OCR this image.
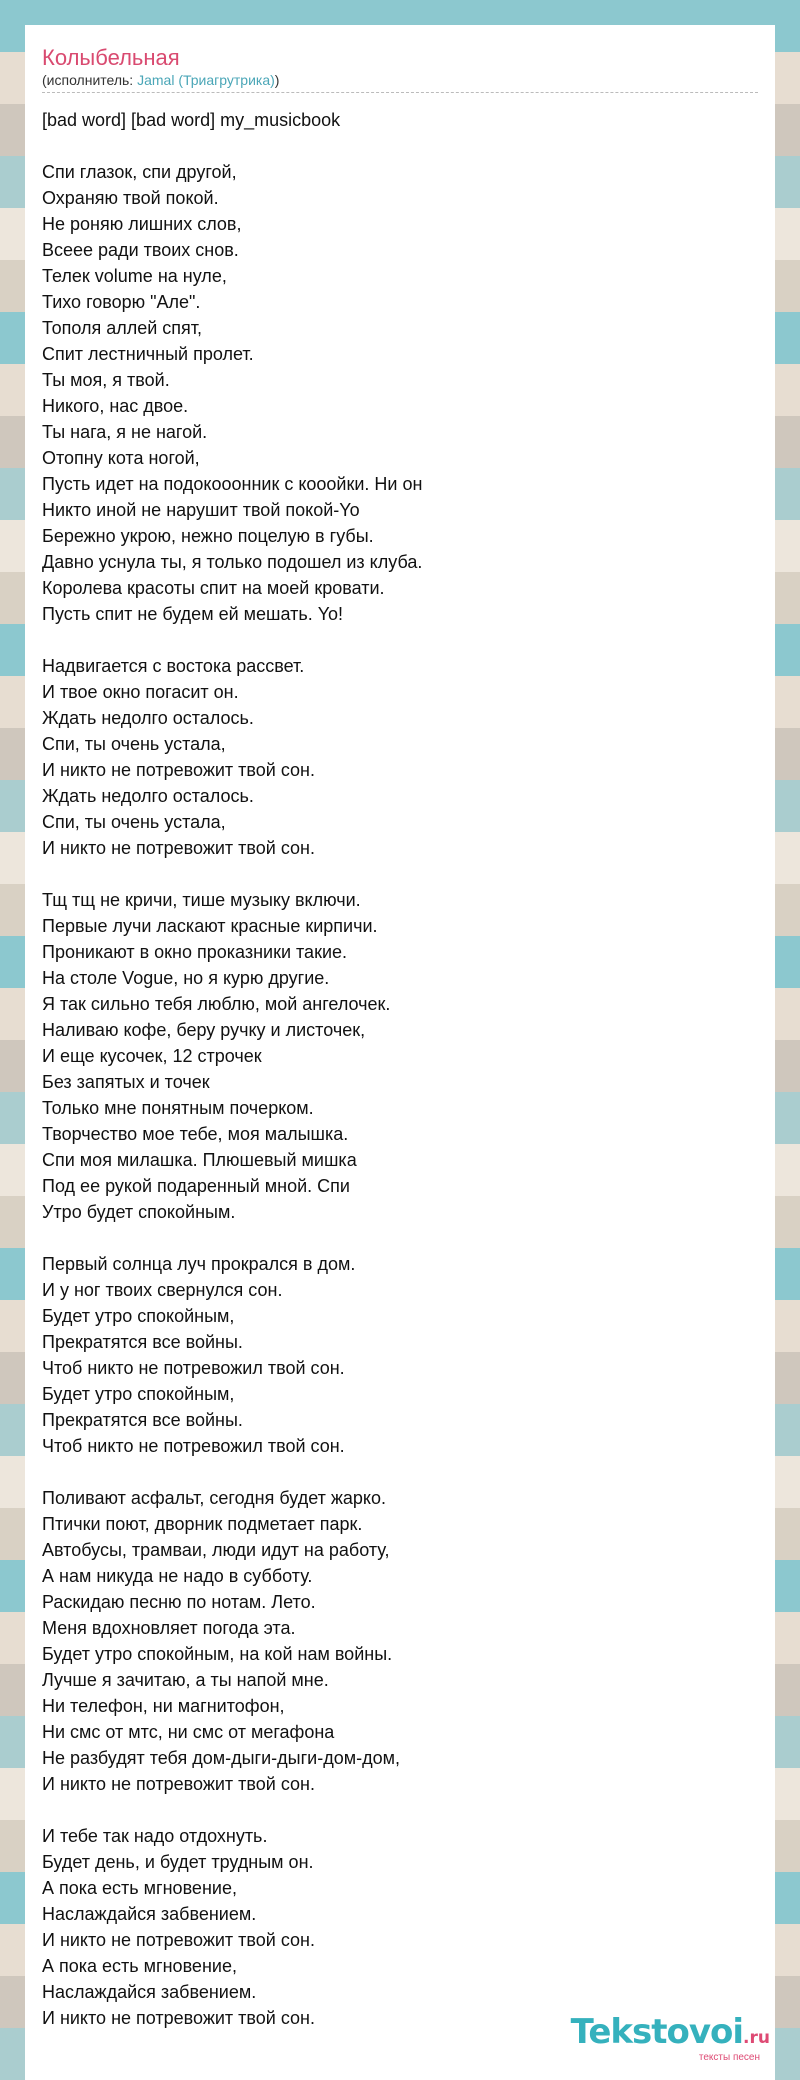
Колыбельная
(исполнитель: Jamal (Триагрутрика))
[bad word] [bad word] my_musicbook
Спи глазок, спи другой,
Охраняю твой покой.
Не роняю лишних слов,
Всеее ради твоих снов.
Телек volume на нуле,
Тихо говорю "Але".
Тополя аллей спят,
Спит лестничный пролет.
Ты моя, я твой.
Никого, нас двое.
Ты нага, я не нагой.
Отопну кота ногой,
Пусть идет на подокооонник с кооойки. Ни он
Никто иной не нарушит твой покой-Yo
Бережно укрою, нежно поцелую в губы.
Давно уснула ты, я только подошел из клуба.
Королева красоты спит на моей кровати.
Пусть спит не будем ей мешать. Yo!
Надвигается с востока рассвет.
И твое окно погасит он.
Ждать недолго осталось.
Спи, ты очень устала,
И никто не потревожит твой сон.
Ждать недолго осталось.
Спи, ты очень устала,
И никто не потревожит твой сон.
Тщ тщ не кричи, тише музыку включи.
Первые лучи ласкают красные кирпичи.
Проникают в окно проказники такие.
На столе Vogue, но я курю другие.
Я так сильно тебя люблю, мой ангелочек.
Наливаю кофе, беру ручку и листочек,
И еще кусочек, 12 строчек
Без запятых и точек
Только мне понятным почерком.
Творчество мое тебе, моя малышка.
Спи моя милашка. Плюшевый мишка
Под ее рукой подаренный мной. Спи
Утро будет спокойным.
Первый солнца луч прокрался в дом.
И у ног твоих свернулся сон.
Будет утро спокойным,
Прекратятся все войны.
Чтоб никто не потревожил твой сон.
Будет утро спокойным,
Прекратятся все войны.
Чтоб никто не потревожил твой сон.
Поливают асфальт, сегодня будет жарко.
Птички поют, дворник подметает парк.
Автобусы, трамваи, люди идут на работу,
А нам никуда не надо в субботу.
Раскидаю песню по нотам. Лето.
Меня вдохновляет погода эта.
Будет утро спокойным, на кой нам войны.
Лучше я зачитаю, а ты напой мне.
Ни телефон, ни магнитофон,
Ни смс от мтс, ни смс от мегафона
Не разбудят тебя дом-дыги-дыги-дом-дом,
И никто не потревожит твой сон.
И тебе так надо отдохнуть.
Будет день, и будет трудным он.
А пока есть мгновение,
Наслаждайся забвением.
И никто не потревожит твой сон.
А пока есть мгновение,
Наслаждайся забвением.
И никто не потревожит твой сон.	Tekstovoi.ru
тексты песен
